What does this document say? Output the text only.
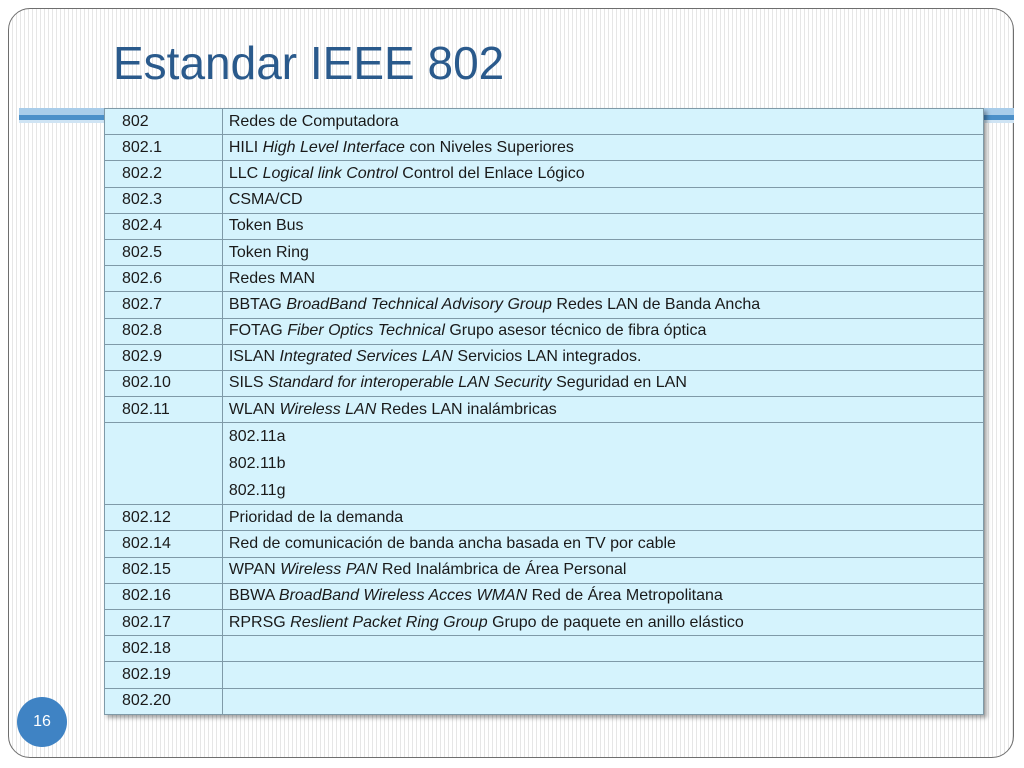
Estandar IEEE 802
802	Redes de Computadora
802.1	HILI High Level Interface con Niveles Superiores
802.2	LLC Logical link Control Control del Enlace Lógico
802.3	CSMA/CD
802.4	Token Bus
802.5	Token Ring
802.6	Redes MAN
802.7	BBTAG BroadBand Technical Advisory Group Redes LAN de Banda Ancha
802.8	FOTAG Fiber Optics Technical Grupo asesor técnico de fibra óptica
802.9	ISLAN Integrated Services LAN Servicios LAN integrados.
802.10	SILS Standard for interoperable LAN Security Seguridad en LAN
802.11	WLAN Wireless LAN Redes LAN inalámbricas

	802.11a
802.11b
802.11g

802.12	Prioridad de la demanda
802.14	Red de comunicación de banda ancha basada en TV por cable
802.15	WPAN Wireless PAN Red Inalámbrica de Área Personal
802.16	BBWA BroadBand Wireless Acces WMAN Red de Área Metropolitana
802.17	RPRSG Reslient Packet Ring Group Grupo de paquete en anillo elástico
802.18	
802.19	
802.20	
16
